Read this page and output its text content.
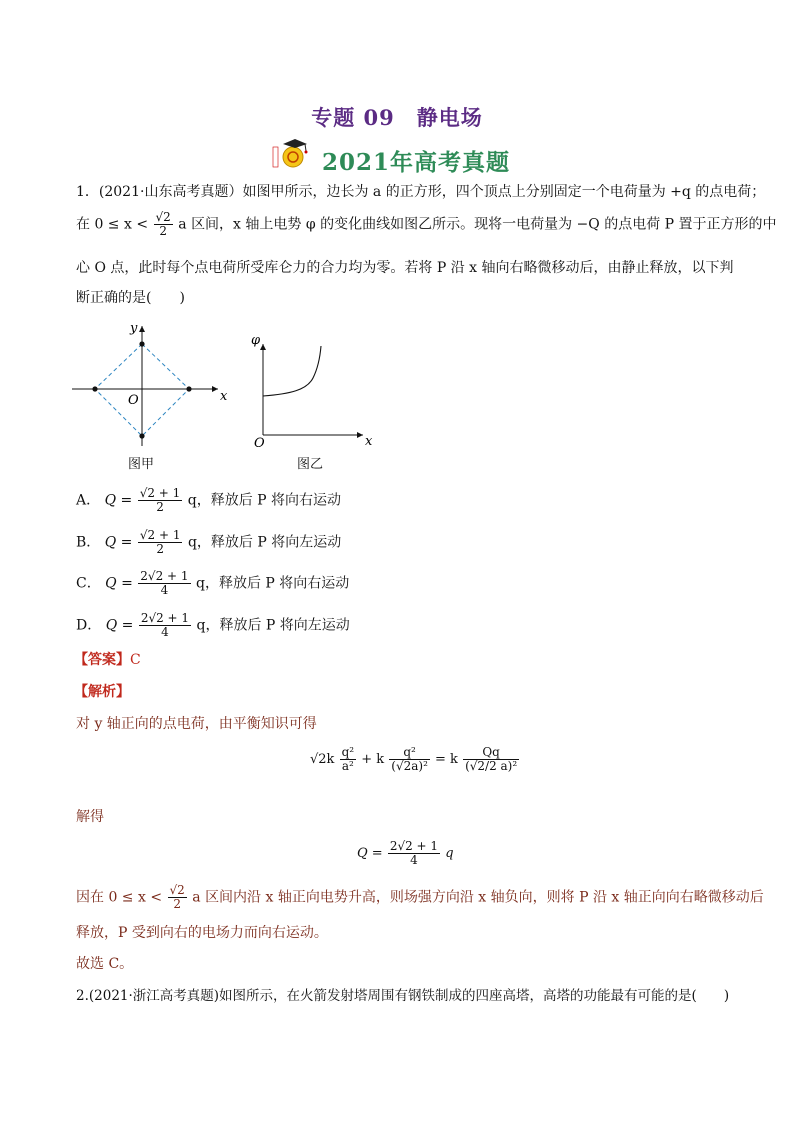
专题 09　静电场
2021年高考真题
1．(2021·山东高考真题）如图甲所示，边长为 a 的正方形，四个顶点上分别固定一个电荷量为 +q 的点电荷；
在 $0 \le x < \frac{√2}{2}$ a 区间，x 轴上电势 φ 的变化曲线如图乙所示。现将一电荷量为 −Q 的点电荷 P 置于正方形的中
心 O 点，此时每个点电荷所受库仑力的合力均为零。若将 P 沿 x 轴向右略微移动后，由静止释放，以下判
断正确的是(　　)
x
y
O
图甲
x
φ
O
图乙
A． $Q = \frac{√2 + 1}{2}$ q，释放后 P 将向右运动
B． $Q = \frac{√2 + 1}{2}$ q，释放后 P 将向左运动
C． $Q = \frac{2√2 + 1}{4}$ q，释放后 P 将向右运动
D． $Q = \frac{2√2 + 1}{4}$ q，释放后 P 将向左运动
【答案】C
【解析】
对 y 轴正向的点电荷，由平衡知识可得
$√2k \frac{\text{q²}}{\text{a²}} + k \frac{\text{q²}}{\text{(√2a)²}} = k \frac{Qq}{\text{(√2/2 a)²}}$
解得
$Q = \frac{2√2 + 1}{4}$ q
因在 $0 \le x < \frac{√2}{2}$ a 区间内沿 x 轴正向电势升高，则场强方向沿 x 轴负向，则将 P 沿 x 轴正向向右略微移动后
释放，P 受到向右的电场力而向右运动。
故选 C。
2.(2021·浙江高考真题)如图所示，在火箭发射塔周围有钢铁制成的四座高塔，高塔的功能最有可能的是(　　)
